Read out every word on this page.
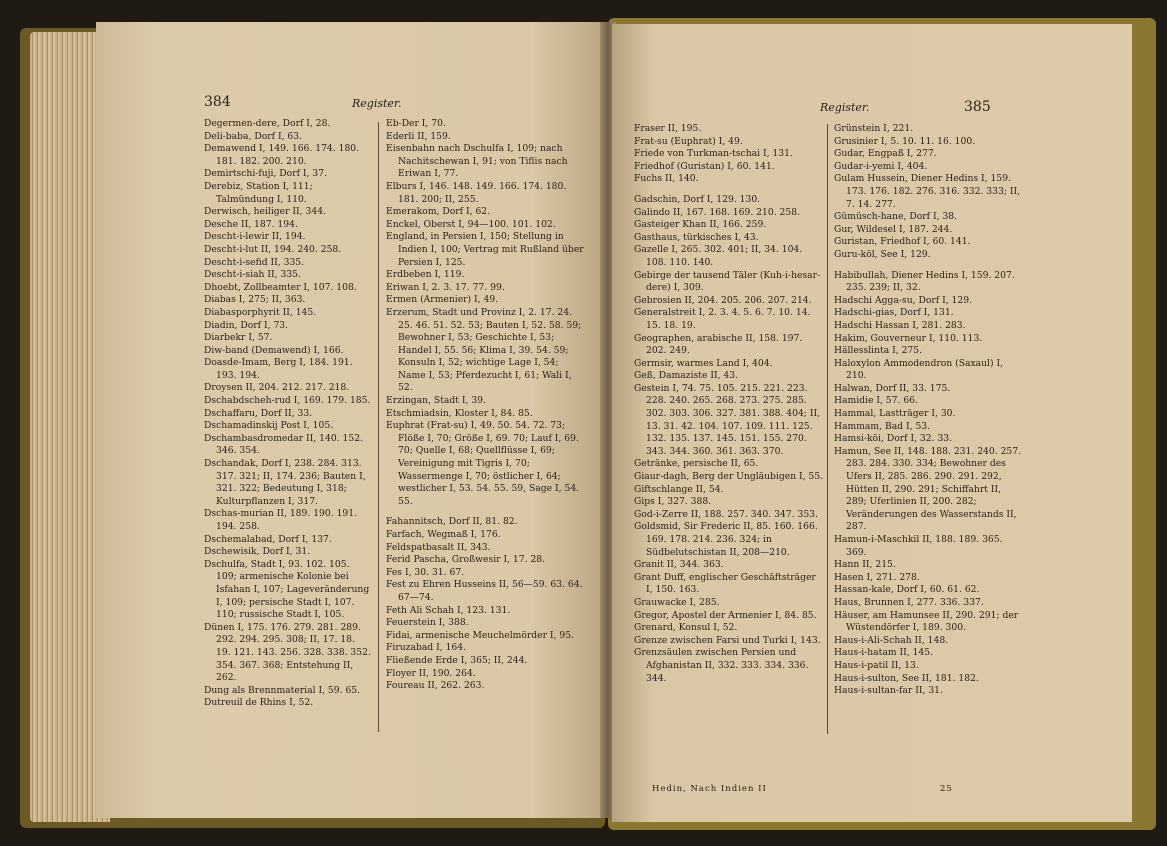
384	Register.
Degermen-dere, Dorf I, 28.
Deli-baba, Dorf I, 63.
Demawend I, 149. 166. 174. 180. 181. 182. 200. 210.
Demirtschi-fuji, Dorf I, 37.
Derebiz, Station I, 111; Talmündung I, 110.
Derwisch, heiliger II, 344.
Desche II, 187. 194.
Descht-i-lewir II, 194.
Descht-i-lut II, 194. 240. 258.
Descht-i-sefid II, 335.
Descht-i-siah II, 335.
Dhoebt, Zollbeamter I, 107. 108.
Diabas I, 275; II, 363.
Diabasporphyrit II, 145.
Diadin, Dorf I, 73.
Diarbekr I, 57.
Diw-band (Demawend) I, 166.
Doasde-Imam, Berg I, 184. 191. 193. 194.
Droysen II, 204. 212. 217. 218.
Dschabdscheh-rud I, 169. 179. 185.
Dschaffaru, Dorf II, 33.
Dschamadinskij Post I, 105.
Dschambasdromedar II, 140. 152. 346. 354.
Dschandak, Dorf I, 238. 284. 313. 317. 321; II, 174. 236; Bauten I, 321. 322; Bedeutung I, 318; Kulturpflanzen I, 317.
Dschas-murian II, 189. 190. 191. 194. 258.
Dschemalabad, Dorf I, 137.
Dschewisik, Dorf I, 31.
Dschulfa, Stadt I, 93. 102. 105. 109; armenische Kolonie bei Isfahan I, 107; Lageveränderung I, 109; persische Stadt I, 107. 110; russische Stadt I, 105.
Dünen I, 175. 176. 279. 281. 289. 292. 294. 295. 308; II, 17. 18. 19. 121. 143. 256. 328. 338. 352. 354. 367. 368; Entstehung II, 262.
Dung als Brennmaterial I, 59. 65.
Dutreuil de Rhins I, 52.
Eb-Der I, 70.
Ederli II, 159.
Eisenbahn nach Dschulfa I, 109; nach Nachitschewan I, 91; von Tiflis nach Eriwan I, 77.
Elburs I, 146. 148. 149. 166. 174. 180. 181. 200; II, 255.
Emerakom, Dorf I, 62.
Enckel, Oberst I, 94—100. 101. 102.
England, in Persien I, 150; Stellung in Indien I, 100; Vertrag mit Rußland über Persien I, 125.
Erdbeben I, 119.
Eriwan I, 2. 3. 17. 77. 99.
Ermen (Armenier) I, 49.
Erzerum, Stadt und Provinz I, 2. 17. 24. 25. 46. 51. 52. 53; Bauten I, 52. 58. 59; Bewohner I, 53; Geschichte I, 53; Handel I, 55. 56; Klima I, 39. 54. 59; Konsuln I, 52; wichtige Lage I, 54; Name I, 53; Pferdezucht I, 61; Wali I, 52.
Erzingan, Stadt I, 39.
Etschmiadsin, Kloster I, 84. 85.
Euphrat (Frat-su) I, 49. 50. 54. 72. 73; Flöße I, 70; Größe I, 69. 70; Lauf I, 69. 70; Quelle I, 68; Quellflüsse I, 69; Vereinigung mit Tigris I, 70; Wassermenge I, 70; östlicher I, 64; westlicher I, 53. 54. 55. 59, Sage I, 54. 55.
Fahannitsch, Dorf II, 81. 82.
Farfach, Wegmaß I, 176.
Feldspatbasalt II, 343.
Ferid Pascha, Großwesir I, 17. 28.
Fes I, 30. 31. 67.
Fest zu Ehren Husseins II, 56—59. 63. 64. 67—74.
Feth Ali Schah I, 123. 131.
Feuerstein I, 388.
Fidai, armenische Meuchelmörder I, 95.
Firuzabad I, 164.
Fließende Erde I, 365; II, 244.
Floyer II, 190. 264.
Foureau II, 262. 263.
Register.	385
Fraser II, 195.
Frat-su (Euphrat) I, 49.
Friede von Turkman-tschai I, 131.
Friedhof (Guristan) I, 60. 141.
Fuchs II, 140.
Gadschin, Dorf I, 129. 130.
Galindo II, 167. 168. 169. 210. 258.
Gasteiger Khan II, 166. 259.
Gasthaus, türkisches I, 43.
Gazelle I, 265. 302. 401; II, 34. 104. 108. 110. 140.
Gebirge der tausend Täler (Kuh-i-hesar-dere) I, 309.
Gebrosien II, 204. 205. 206. 207. 214.
Generalstreit I, 2. 3. 4. 5. 6. 7. 10. 14. 15. 18. 19.
Geographen, arabische II, 158. 197. 202. 249.
Germsir, warmes Land I, 404.
Geß, Damaziste II, 43.
Gestein I, 74. 75. 105. 215. 221. 223. 228. 240. 265. 268. 273. 275. 285. 302. 303. 306. 327. 381. 388. 404; II, 13. 31. 42. 104. 107. 109. 111. 125. 132. 135. 137. 145. 151. 155. 270. 343. 344. 360. 361. 363. 370.
Getränke, persische II, 65.
Giaur-dagh, Berg der Ungläubigen I, 55.
Giftschlange II, 54.
Gips I, 327. 388.
God-i-Zerre II, 188. 257. 340. 347. 353.
Goldsmid, Sir Frederic II, 85. 160. 166. 169. 178. 214. 236. 324; in Südbelutschistan II, 208—210.
Granit II, 344. 363.
Grant Duff, englischer Geschäftsträger I, 150. 163.
Grauwacke I, 285.
Gregor, Apostel der Armenier I, 84. 85.
Grenard, Konsul I, 52.
Grenze zwischen Farsi und Turki I, 143.
Grenzsäulen zwischen Persien und Afghanistan II, 332. 333. 334. 336. 344.
Grünstein I, 221.
Grusinier I, 5. 10. 11. 16. 100.
Gudar, Engpaß I, 277.
Gudar-i-yemi I, 404.
Gulam Hussein, Diener Hedins I, 159. 173. 176. 182. 276. 316. 332. 333; II, 7. 14. 277.
Gümüsch-hane, Dorf I, 38.
Gur, Wildesel I, 187. 244.
Guristan, Friedhof I, 60. 141.
Guru-köl, See I, 129.
Habibullah, Diener Hedins I, 159. 207. 235. 239; II, 32.
Hadschi Agga-su, Dorf I, 129.
Hadschi-gias, Dorf I, 131.
Hadschi Hassan I, 281. 283.
Hakim, Gouverneur I, 110. 113.
Hällesslinta I, 275.
Haloxylon Ammodendron (Saxaul) I, 210.
Halwan, Dorf II, 33. 175.
Hamidie I, 57. 66.
Hammal, Lastträger I, 30.
Hammam, Bad I, 53.
Hamsi-köi, Dorf I, 32. 33.
Hamun, See II, 148. 188. 231. 240. 257. 283. 284. 330. 334; Bewohner des Ufers II, 285. 286. 290. 291. 292, Hütten II, 290. 291; Schiffahrt II, 289; Uferlinien II, 200. 282; Veränderungen des Wasserstands II, 287.
Hamun-i-Maschkil II, 188. 189. 365. 369.
Hann II, 215.
Hasen I, 271. 278.
Hassan-kale, Dorf I, 60. 61. 62.
Haus, Brunnen I, 277. 336. 337.
Häuser, am Hamunsee II, 290. 291; der Wüstendörfer I, 189. 300.
Haus-i-Ali-Schah II, 148.
Haus-i-hatam II, 145.
Haus-i-patil II, 13.
Haus-i-sulton, See II, 181. 182.
Haus-i-sultan-far II, 31.
Hedin, Nach Indien II	25
